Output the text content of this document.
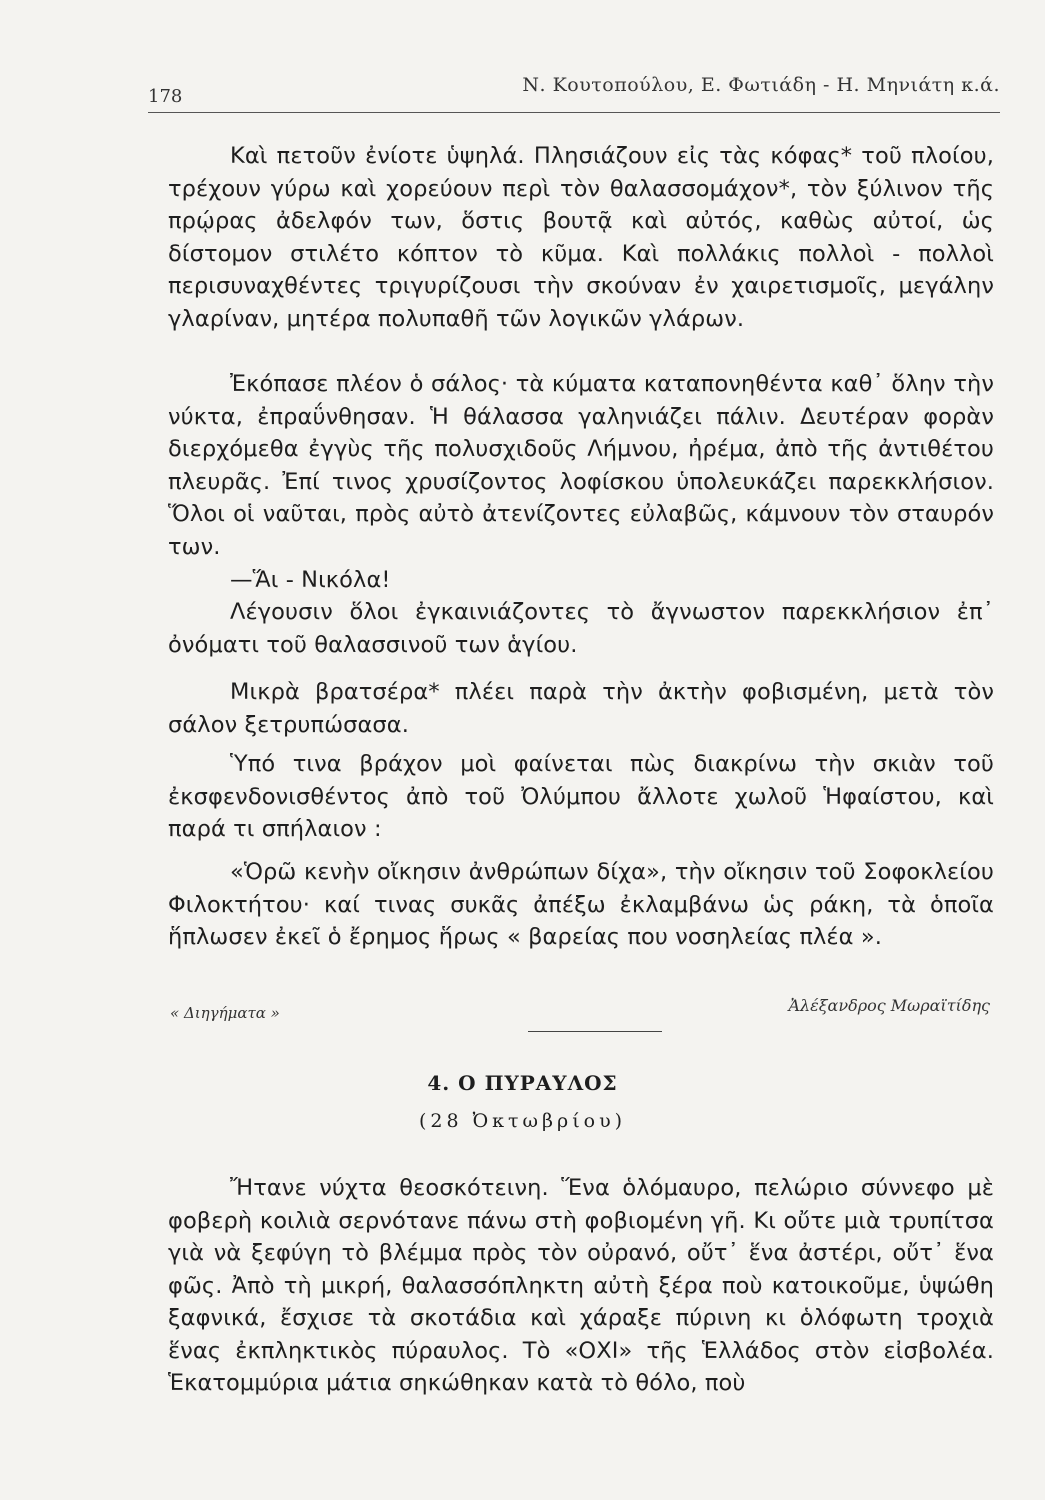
178
Ν. Κουτοπούλου, Ε. Φωτιάδη - Η. Μηνιάτη κ.ά.

Καὶ πετοῦν ἐνίοτε ὑψηλά. Πλησιάζουν εἰς τὰς κόφας* τοῦ πλοίου, τρέχουν γύρω καὶ χορεύουν περὶ τὸν θαλασσομάχον*, τὸν ξύλινον τῆς πρῴρας ἀδελφόν των, ὅστις βουτᾷ καὶ αὐτός, καθὼς αὐτοί, ὡς δίστομον στιλέτο κόπτον τὸ κῦμα. Καὶ πολλάκις πολλοὶ - πολλοὶ περισυναχθέντες τριγυρίζουσι τὴν σκούναν ἐν χαιρετισμοῖς, μεγάλην γλαρίναν, μητέρα πολυπαθῆ τῶν λογικῶν γλάρων.

Ἐκόπασε πλέον ὁ σάλος· τὰ κύματα καταπονηθέντα καθ᾽ ὅλην τὴν νύκτα, ἐπραΰνθησαν. Ἡ θάλασσα γαληνιάζει πάλιν. Δευτέραν φορὰν διερχόμεθα ἐγγὺς τῆς πολυσχιδοῦς Λήμνου, ἠρέμα, ἀπὸ τῆς ἀντιθέτου πλευρᾶς. Ἐπί τινος χρυσίζοντος λοφίσκου ὑπολευκάζει παρεκκλήσιον. Ὅλοι οἱ ναῦται, πρὸς αὐτὸ ἀτενίζοντες εὐλαβῶς, κάμνουν τὸν σταυρόν των.

—Ἅι - Νικόλα!

Λέγουσιν ὅλοι ἐγκαινιάζοντες τὸ ἄγνωστον παρεκκλήσιον ἐπ᾽ ὀνόματι τοῦ θαλασσινοῦ των ἁγίου.

Μικρὰ βρατσέρα* πλέει παρὰ τὴν ἀκτὴν φοβισμένη, μετὰ τὸν σάλον ξετρυπώσασα.

Ὑπό τινα βράχον μοὶ φαίνεται πὼς διακρίνω τὴν σκιὰν τοῦ ἐκσφενδονισθέντος ἀπὸ τοῦ Ὀλύμπου ἄλλοτε χωλοῦ Ἡφαίστου, καὶ παρά τι σπήλαιον :

«Ὁρῶ κενὴν οἴκησιν ἀνθρώπων δίχα», τὴν οἴκησιν τοῦ Σοφοκλείου Φιλοκτήτου· καί τινας συκᾶς ἀπέξω ἐκλαμβάνω ὡς ράκη, τὰ ὁποῖα ἥπλωσεν ἐκεῖ ὁ ἔρημος ἥρως « βαρείας που νοσηλείας πλέα ».

« Διηγήματα »	Ἀλέξανδρος Μωραϊτίδης
4. Ο ΠΥΡΑΥΛΟΣ
(28 Ὀκτωβρίου)

Ἤτανε νύχτα θεοσκότεινη. Ἕνα ὁλόμαυρο, πελώριο σύννεφο μὲ φοβερὴ κοιλιὰ σερνότανε πάνω στὴ φοβιομένη γῆ. Κι οὔτε μιὰ τρυπίτσα γιὰ νὰ ξεφύγη τὸ βλέμμα πρὸς τὸν οὐρανό, οὔτ᾽ ἕνα ἀστέρι, οὔτ᾽ ἕνα φῶς. Ἀπὸ τὴ μικρή, θαλασσόπληκτη αὐτὴ ξέρα ποὺ κατοικοῦμε, ὑψώθη ξαφνικά, ἔσχισε τὰ σκοτάδια καὶ χάραξε πύρινη κι ὁλόφωτη τροχιὰ ἕνας ἐκπληκτικὸς πύραυλος. Τὸ «ΟΧΙ» τῆς Ἑλλάδος στὸν εἰσβολέα. Ἑκατομμύρια μάτια σηκώθηκαν κατὰ τὸ θόλο, ποὺ
